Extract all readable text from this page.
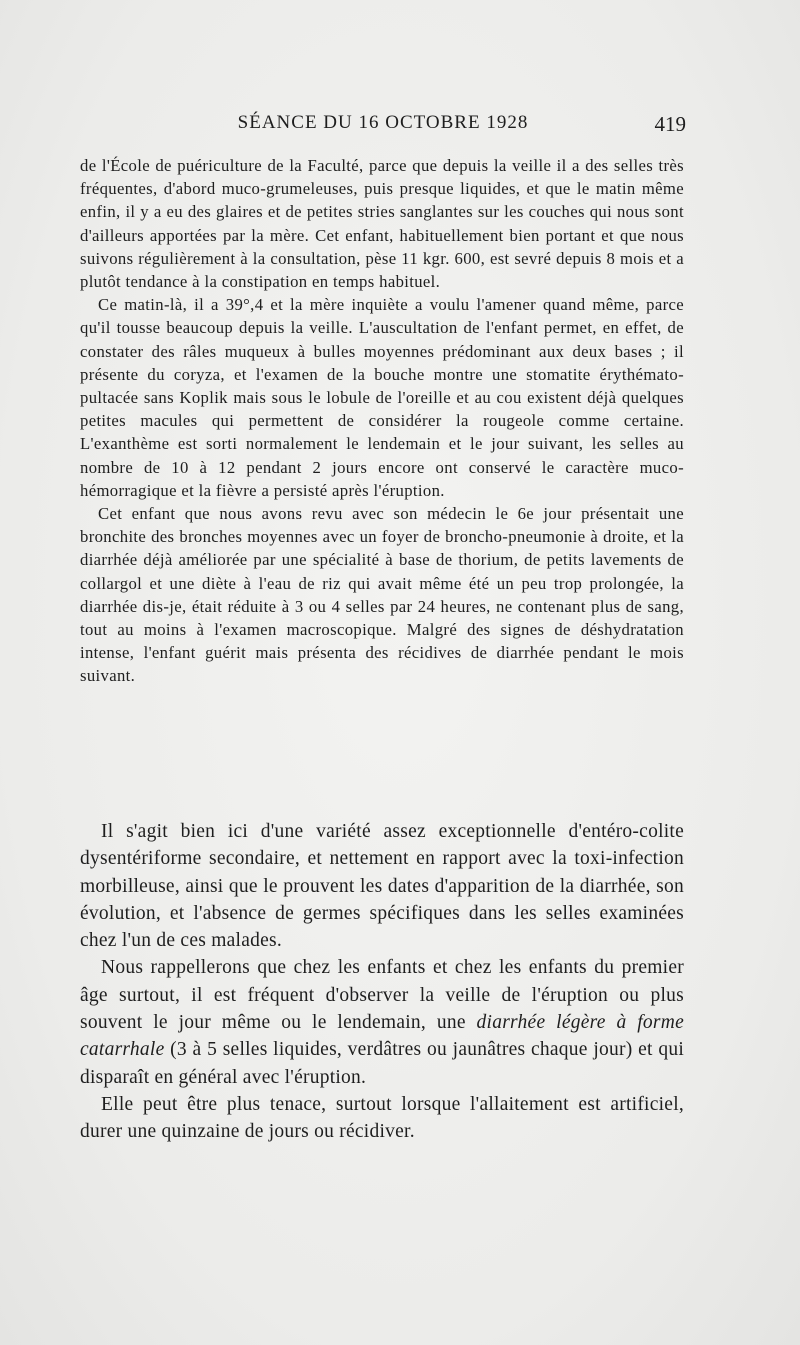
SÉANCE DU 16 OCTOBRE 1928	419

de l'École de puériculture de la Faculté, parce que depuis la veille il a des selles très fréquentes, d'abord muco-grumeleuses, puis presque liquides, et que le matin même enfin, il y a eu des glaires et de petites stries sanglantes sur les couches qui nous sont d'ailleurs apportées par la mère. Cet enfant, habituellement bien portant et que nous suivons régulièrement à la consultation, pèse 11 kgr. 600, est sevré depuis 8 mois et a plutôt tendance à la constipation en temps habituel.

Ce matin-là, il a 39°,4 et la mère inquiète a voulu l'amener quand même, parce qu'il tousse beaucoup depuis la veille. L'auscultation de l'enfant permet, en effet, de constater des râles muqueux à bulles moyennes prédominant aux deux bases ; il présente du coryza, et l'examen de la bouche montre une stomatite érythémato-pultacée sans Koplik mais sous le lobule de l'oreille et au cou existent déjà quelques petites macules qui permettent de considérer la rougeole comme certaine. L'exanthème est sorti normalement le lendemain et le jour suivant, les selles au nombre de 10 à 12 pendant 2 jours encore ont conservé le caractère muco-hémorragique et la fièvre a persisté après l'éruption.

Cet enfant que nous avons revu avec son médecin le 6e jour présentait une bronchite des bronches moyennes avec un foyer de broncho-pneumonie à droite, et la diarrhée déjà améliorée par une spécialité à base de thorium, de petits lavements de collargol et une diète à l'eau de riz qui avait même été un peu trop prolongée, la diarrhée dis-je, était réduite à 3 ou 4 selles par 24 heures, ne contenant plus de sang, tout au moins à l'examen macroscopique. Malgré des signes de déshydratation intense, l'enfant guérit mais présenta des récidives de diarrhée pendant le mois suivant.

Il s'agit bien ici d'une variété assez exceptionnelle d'entéro-colite dysentériforme secondaire, et nettement en rapport avec la toxi-infection morbilleuse, ainsi que le prouvent les dates d'apparition de la diarrhée, son évolution, et l'absence de germes spécifiques dans les selles examinées chez l'un de ces malades.

Nous rappellerons que chez les enfants et chez les enfants du premier âge surtout, il est fréquent d'observer la veille de l'éruption ou plus souvent le jour même ou le lendemain, une diarrhée légère à forme catarrhale (3 à 5 selles liquides, verdâtres ou jaunâtres chaque jour) et qui disparaît en général avec l'éruption.

Elle peut être plus tenace, surtout lorsque l'allaitement est artificiel, durer une quinzaine de jours ou récidiver.
